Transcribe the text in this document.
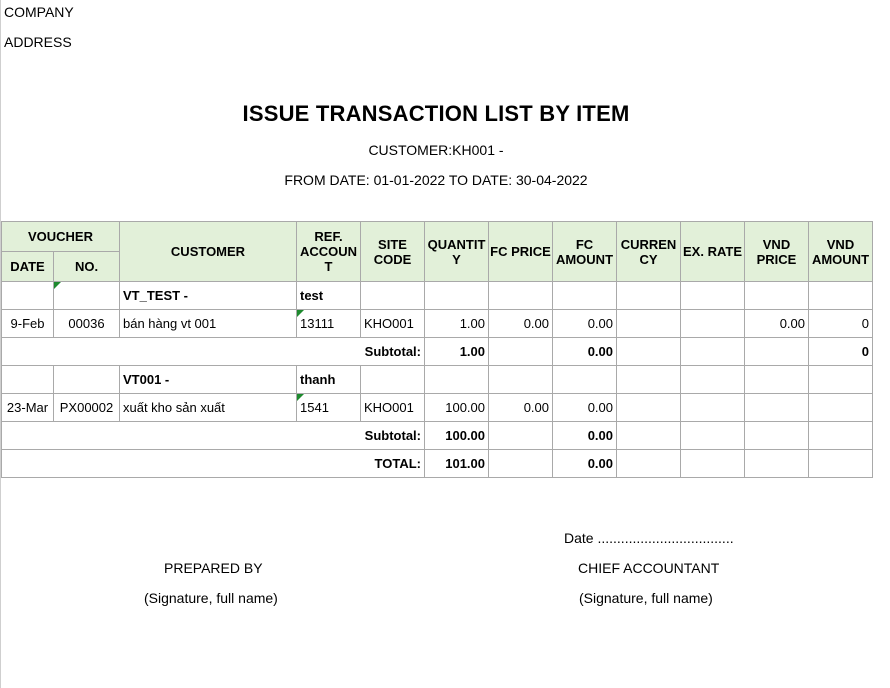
COMPANY
ADDRESS
ISSUE TRANSACTION LIST BY ITEM
CUSTOMER:KH001 -
FROM DATE: 01-01-2022 TO DATE: 30-04-2022
VOUCHER		CUSTOMER	REF. ACCOUN T	SITE CODE	QUANTIT Y	FC PRICE	FC AMOUNT	CURREN CY	EX. RATE	VND PRICE	VND AMOUNT
DATE	NO.										
		VT_TEST -	test								
9-Feb	00036	bán hàng vt 001	13111	KHO001	1.00	0.00	0.00			0.00	0
Subtotal:					1.00		0.00				0
		VT001 -	thanh								
23-Mar	PX00002	xuất kho sản xuất	1541	KHO001	100.00	0.00	0.00				
Subtotal:					100.00		0.00				
TOTAL:					101.00		0.00				
Date ...................................
PREPARED BY
(Signature, full name)
CHIEF ACCOUNTANT
(Signature, full name)
